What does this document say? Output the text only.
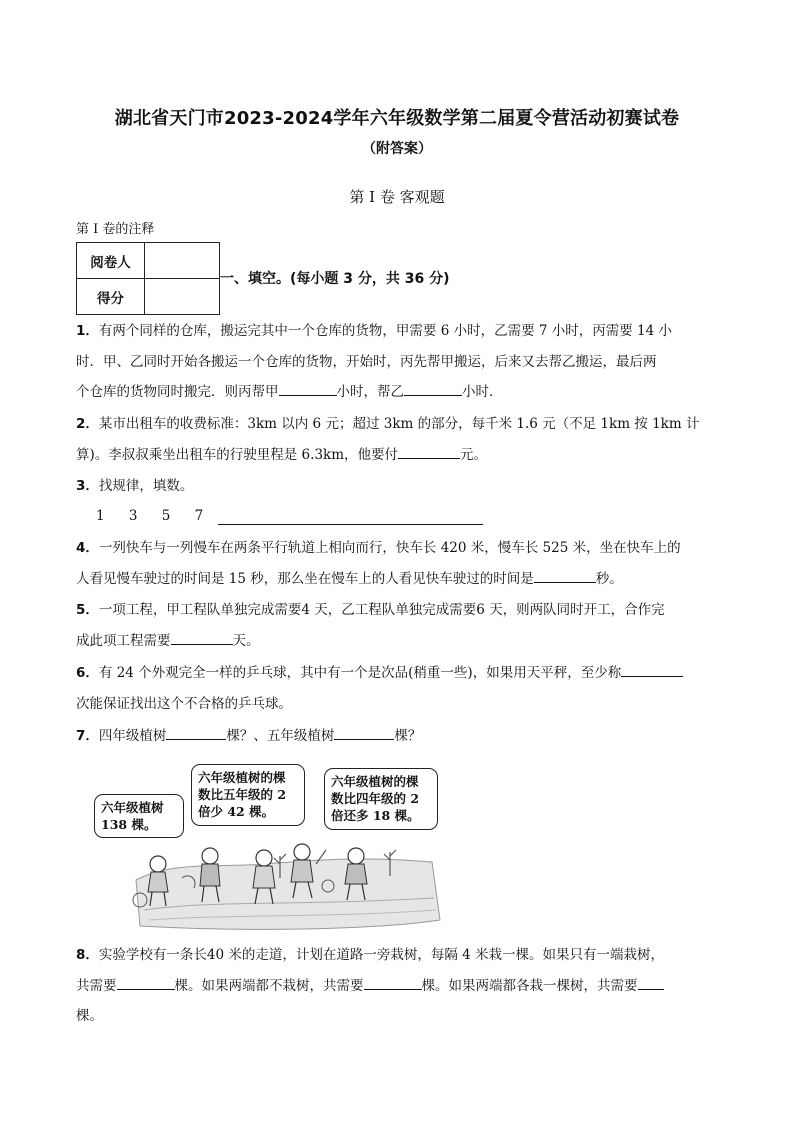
湖北省天门市2023-2024学年六年级数学第二届夏令营活动初赛试卷
（附答案）
第 I 卷 客观题
第 I 卷的注释
阅卷人	
得分	
一、填空。(每小题 3 分，共 36 分)
1．有两个同样的仓库，搬运完其中一个仓库的货物，甲需要 6 小时，乙需要 7 小时，丙需要 14 小
时．甲、乙同时开始各搬运一个仓库的货物，开始时，丙先帮甲搬运，后来又去帮乙搬运，最后两
个仓库的货物同时搬完．则丙帮甲	小时，帮乙	小时．
2．某市出租车的收费标准：3km 以内 6 元；超过 3km 的部分，每千米 1.6 元（不足 1km 按 1km 计
算)。李叔叔乘坐出租车的行驶里程是 6.3km，他要付	元。
3．找规律，填数。
1 3 5 7
4．一列快车与一列慢车在两条平行轨道上相向而行，快车长 420 米，慢车长 525 米，坐在快车上的
人看见慢车驶过的时间是 15 秒，那么坐在慢车上的人看见快车驶过的时间是	秒。
5．一项工程，甲工程队单独完成需要4 天，乙工程队单独完成需要6 天，则两队同时开工，合作完
成此项工程需要	天。
6．有 24 个外观完全一样的乒乓球，其中有一个是次品(稍重一些)，如果用天平秤，至少称
次能保证找出这个不合格的乒乓球。
7．四年级植树	棵？、五年级植树	棵？
六年级植树
138 棵。
六年级植树的棵
数比五年级的 2
倍少 42 棵。
六年级植树的棵
数比四年级的 2
倍还多 18 棵。
8．实验学校有一条长40 米的走道，计划在道路一旁栽树，每隔 4 米栽一棵。如果只有一端栽树，
共需要	棵。如果两端都不栽树，共需要	棵。如果两端都各栽一棵树，共需要
棵。
